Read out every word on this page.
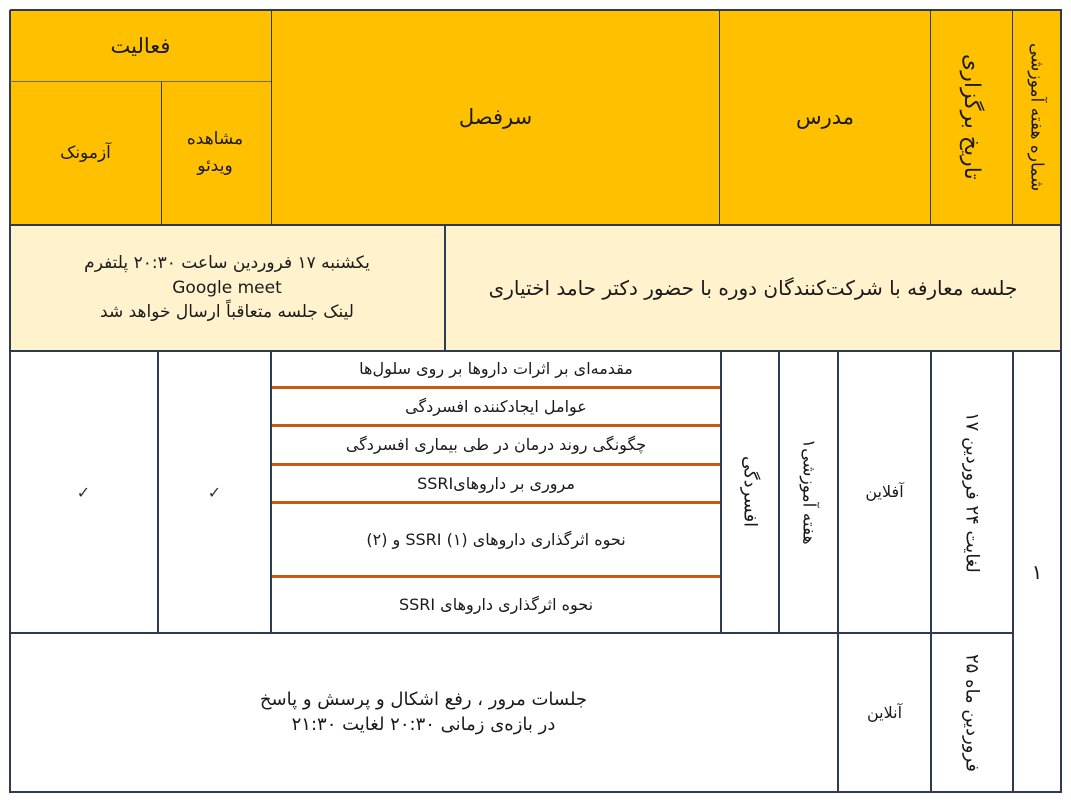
شماره هفته آموزشی
تاریخ برگزاری
مدرس
سرفصل
فعالیت
مشاهده ویدئو
آزمونک
جلسه معارفه با شرکت‌کنندگان دوره با حضور دکتر حامد اختیاری
یکشنبه ۱۷ فروردین ساعت ۲۰:۳۰ پلتفرم
Google meet
لینک جلسه متعاقباً ارسال خواهد شد
۱
۱۷ لغایت ۲۴ فروردین
آفلاین
هفته آموزشی۱
افسردگی
مقدمه‌ای بر اثرات داروها بر روی سلول‌ها
عوامل ایجادکننده افسردگی
چگونگی روند درمان در طی بیماری افسردگی
مروری بر داروهایSSRI
نحوه اثرگذاری داروهای SSRI (۱) و (۲)
نحوه اثرگذاری داروهای SSRI
✓
✓
۲۵ فروردین ماه
آنلاین
جلسات مرور ، رفع اشکال و پرسش و پاسخ
در بازه‌ی زمانی ۲۰:۳۰ لغایت ۲۱:۳۰
